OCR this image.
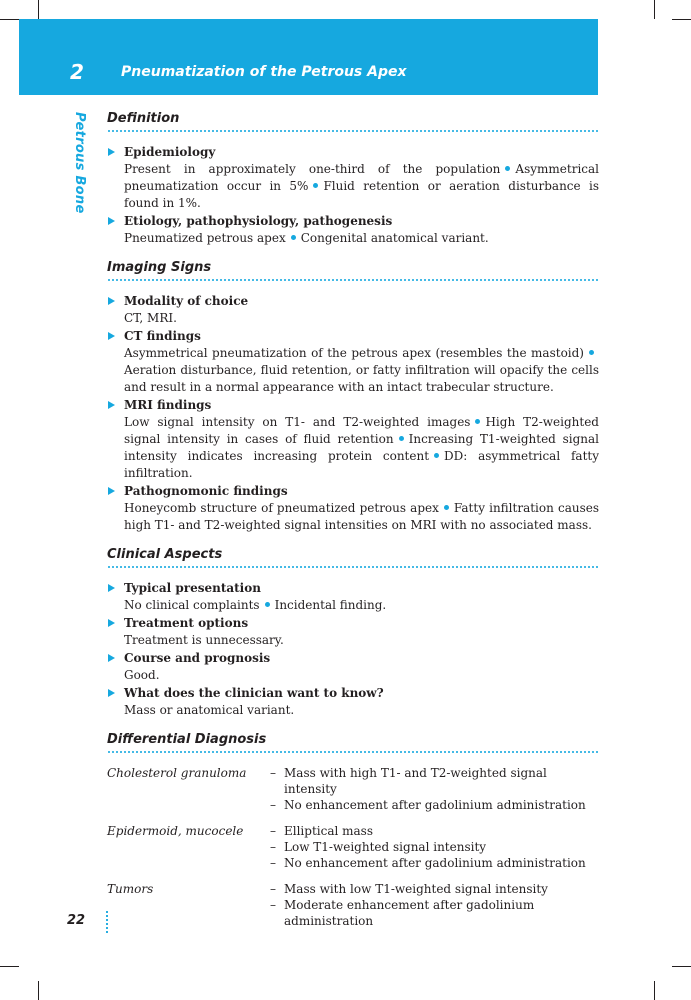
2	Pneumatization of the Petrous Apex
Petrous Bone Definition
Epidemiology
Present in approximately one-third of the population Asymmetrical pneumatization occur in 5% Fluid retention or aeration disturbance is found in 1%.
Etiology, pathophysiology, pathogenesis
Pneumatized petrous apex Congenital anatomical variant.
Imaging Signs
Modality of choice
CT, MRI.
CT findings
Asymmetrical pneumatization of the petrous apex (resembles the mastoid)Aeration disturbance, fluid retention, or fatty infiltration will opacify the cells and result in a normal appearance with an intact trabecular structure.
MRI findings
Low signal intensity on T1- and T2-weighted images High T2-weighted signal intensity in cases of fluid retention Increasing T1-weighted signal intensity indicates increasing protein content DD: asymmetrical fatty infiltration.
Pathognomonic findings
Honeycomb structure of pneumatized petrous apex Fatty infiltration causes high T1- and T2-weighted signal intensities on MRI with no associated mass.
Clinical Aspects
Typical presentation
No clinical complaints Incidental finding.
Treatment options
Treatment is unnecessary.
Course and prognosis
Good.
What does the clinician want to know?
Mass or anatomical variant.
Differential Diagnosis
Cholesterol granuloma	– Mass with high T1- and T2-weighted signal intensity
– No enhancement after gadolinium administration
Epidermoid, mucocele	– Elliptical mass
– Low T1-weighted signal intensity
– No enhancement after gadolinium administration
Tumors	– Mass with low T1-weighted signal intensity
– Moderate enhancement after gadolinium administration
22
